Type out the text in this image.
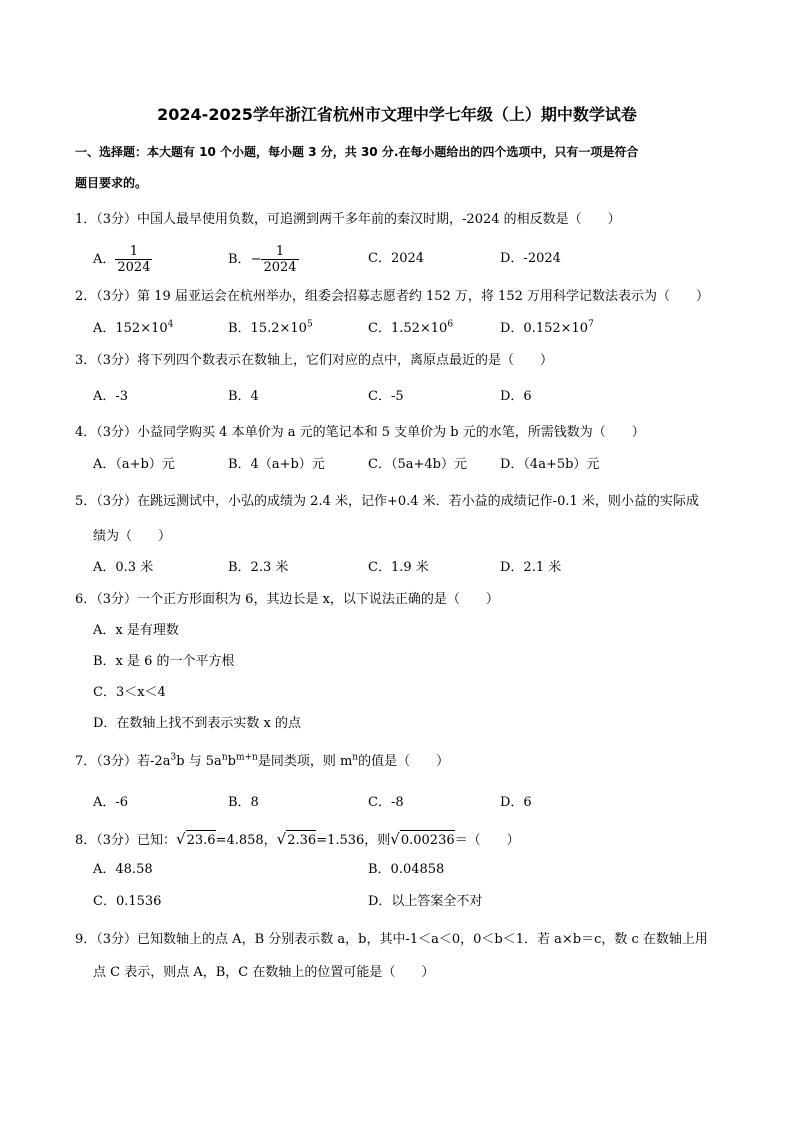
2024-2025学年浙江省杭州市文理中学七年级（上）期中数学试卷
一、选择题：本大题有 10 个小题，每小题 3 分，共 30 分.在每小题给出的四个选项中，只有一项是符合
题目要求的。
1．（3分）中国人最早使用负数，可追溯到两千多年前的秦汉时期，-2024 的相反数是（　　）
A． $\frac{1}{2024}$	B．− $\frac{1}{2024}$	C．2024	D．-2024
2．（3分）第 19 届亚运会在杭州举办，组委会招募志愿者约 152 万，将 152 万用科学记数法表示为（　　）
A．$152\times 10^4$	B．$15.2\times 10^5$	C．$1.52\times 10^6$	D．$0.152\times 10^7$
3．（3分）将下列四个数表示在数轴上，它们对应的点中，离原点最近的是（　　）
A．-3	B．4	C．-5	D．6
4．（3分）小益同学购买 4 本单价为 a 元的笔记本和 5 支单价为 b 元的水笔，所需钱数为（　　）
A．（a+b）元	B．4（a+b）元	C．（5a+4b）元	D．（4a+5b）元
5．（3分）在跳远测试中，小弘的成绩为 2.4 米，记作+0.4 米．若小益的成绩记作-0.1 米，则小益的实际成
绩为（　　）
A．0.3 米	B．2.3 米	C．1.9 米	D．2.1 米
6．（3分）一个正方形面积为 6，其边长是 x，以下说法正确的是（　　）
A．x 是有理数
B．x 是 6 的一个平方根
C．3＜x＜4
D．在数轴上找不到表示实数 x 的点
7．（3分）若$-2a^3b$ 与 $5a^nb^{m+n}$是同类项，则 $m^n$的值是（　　）
A．-6	B．8	C．-8	D．6
8．（3分）已知：√23.6=4.858，√2.36=1.536，则√0.00236＝（　　）
A．48.58	B．0.04858
C．0.1536	D．以上答案全不对
9．（3分）已知数轴上的点 A，B 分别表示数 a，b，其中-1＜a＜0，0＜b＜1．若 a×b＝c，数 c 在数轴上用
点 C 表示，则点 A，B，C 在数轴上的位置可能是（　　）
